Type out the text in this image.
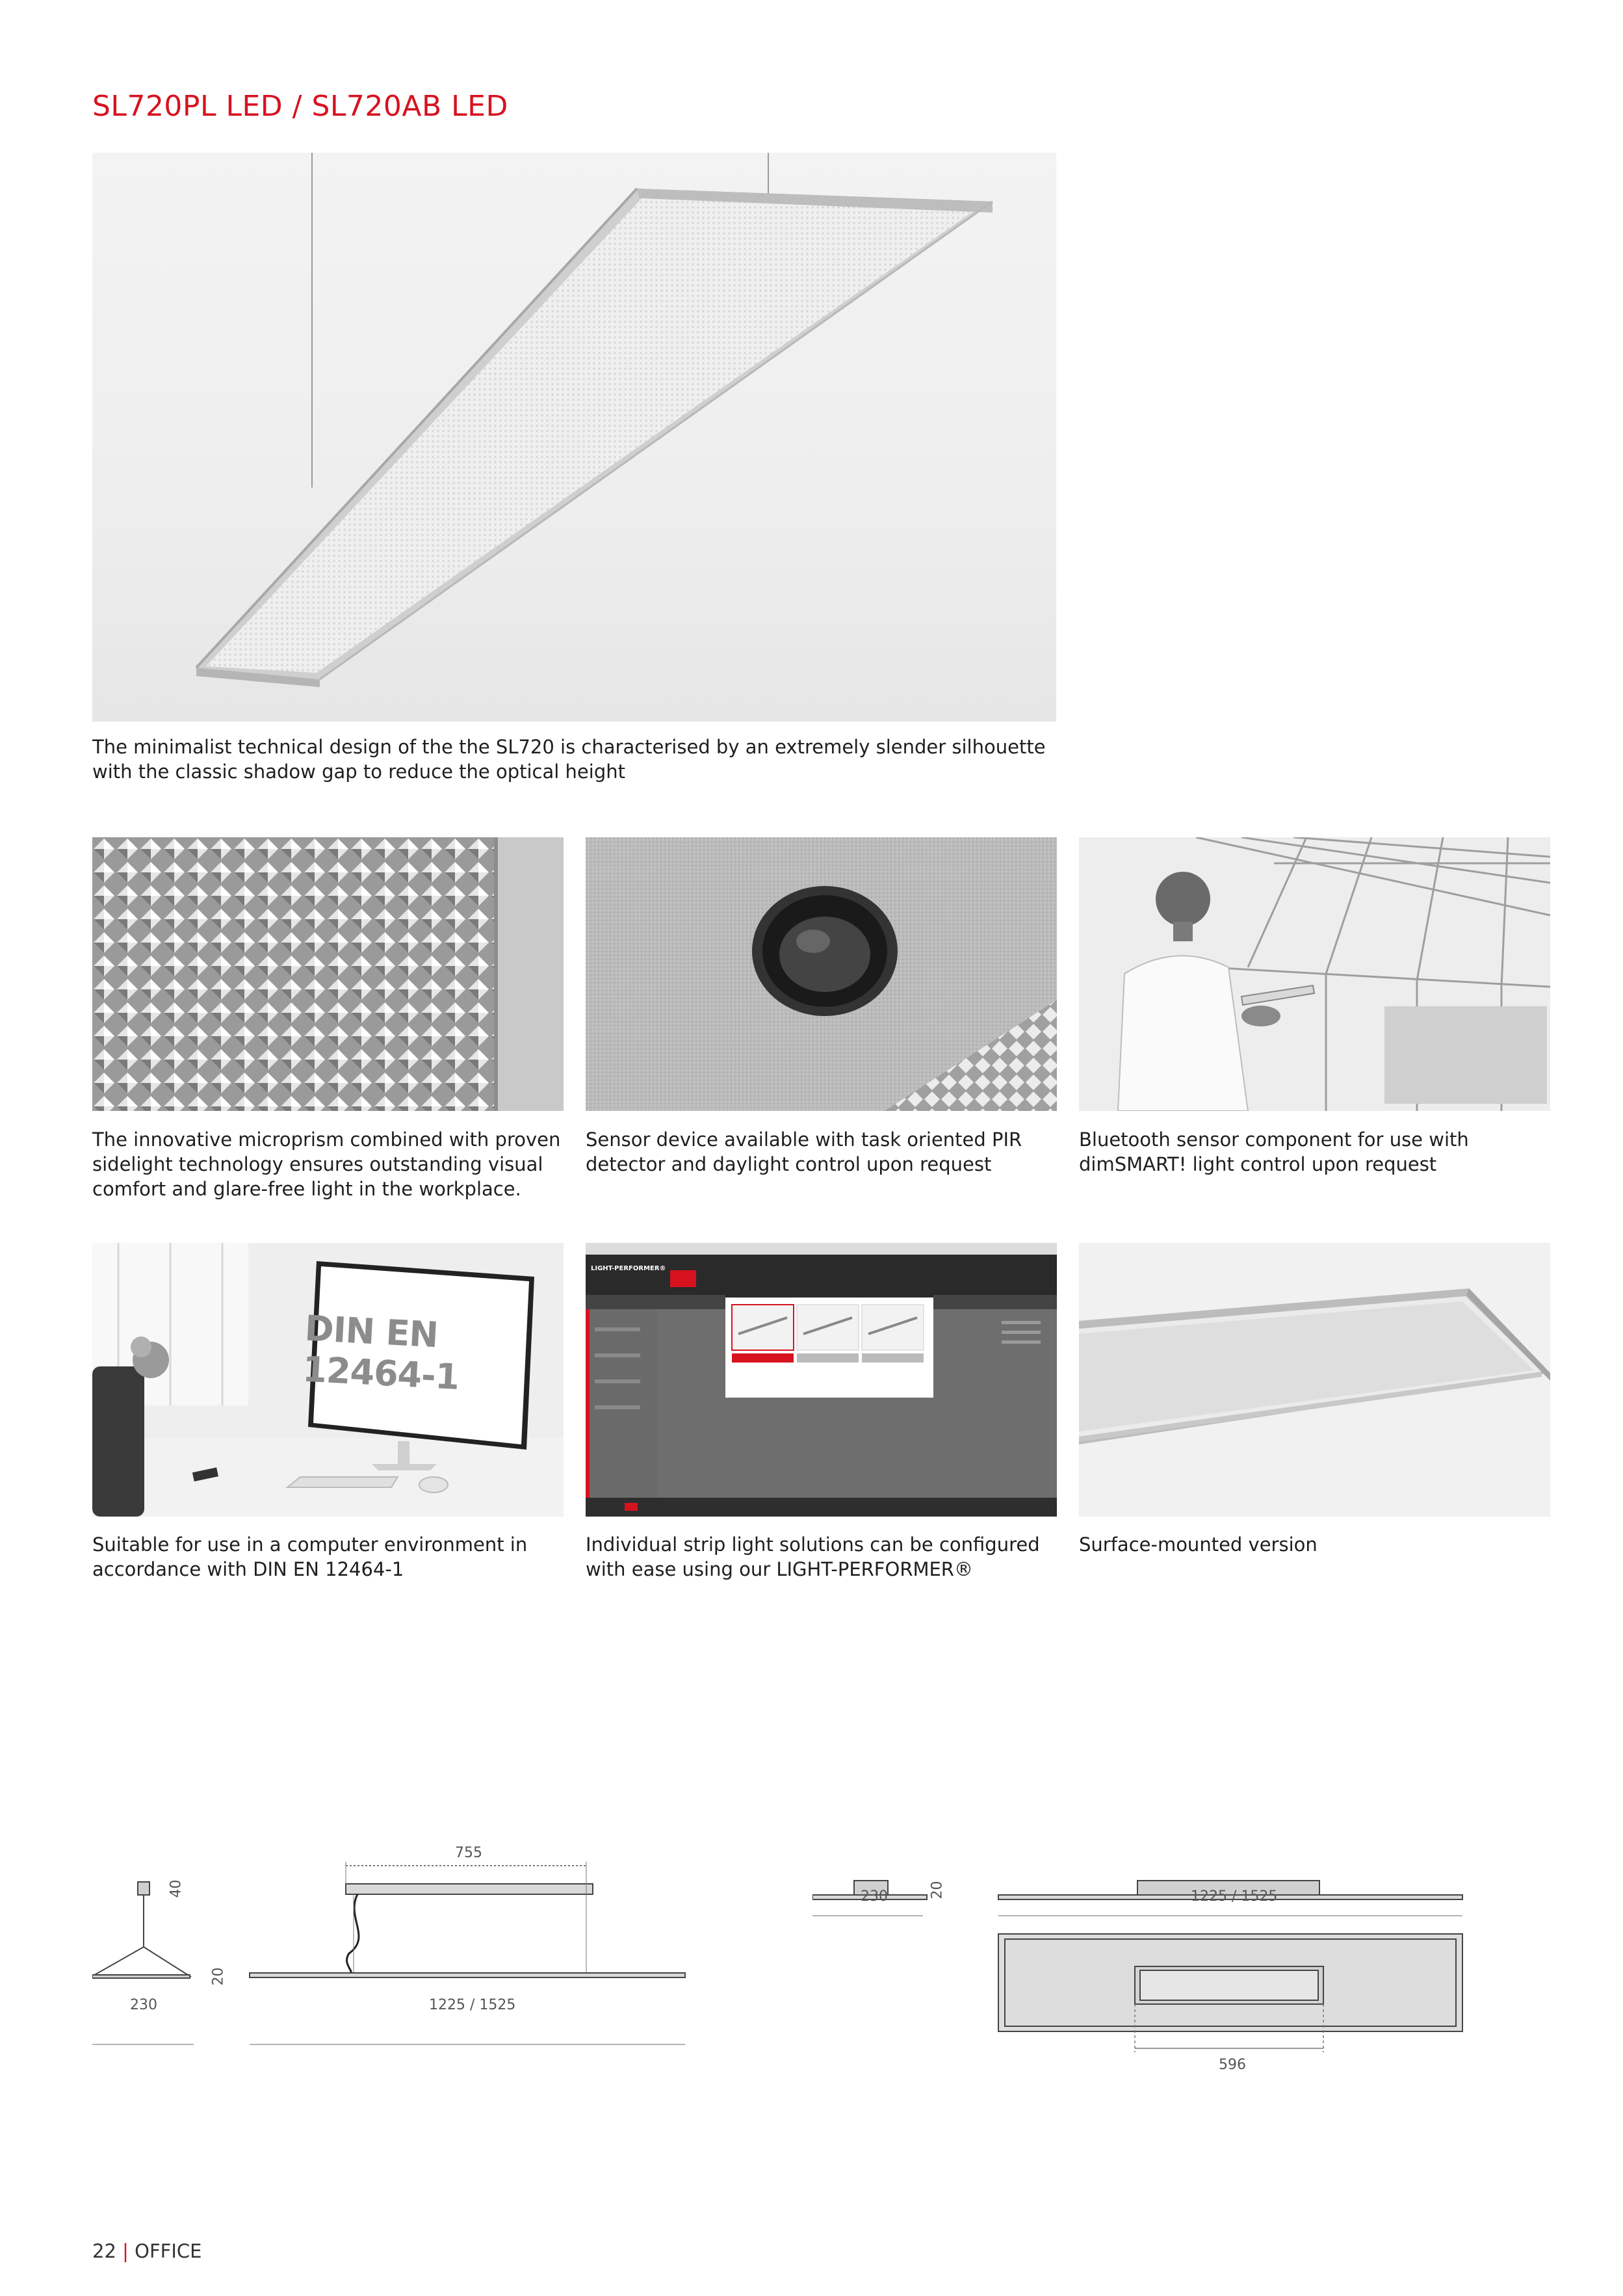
SL720PL LED / SL720AB LED
The minimalist technical design of the the SL720 is characterised by an extremely slender silhouette with the classic shadow gap to reduce the optical height
The innovative microprism combined with proven sidelight technology ensures outstanding visual comfort and glare-free light in the workplace.
Sensor device available with task oriented PIR detector and daylight control upon request
Bluetooth sensor component for use with dimSMART! light control upon request
DIN EN 12464-1
Suitable for use in a computer environment in accordance with DIN EN 12464-1
LIGHT-PERFORMER®
Individual strip light solutions can be configured with ease using our LIGHT-PERFORMER®
Surface-mounted version
40
20
230
755
1225 / 1525
20
230	1225 / 1525
596
22 | OFFICE
